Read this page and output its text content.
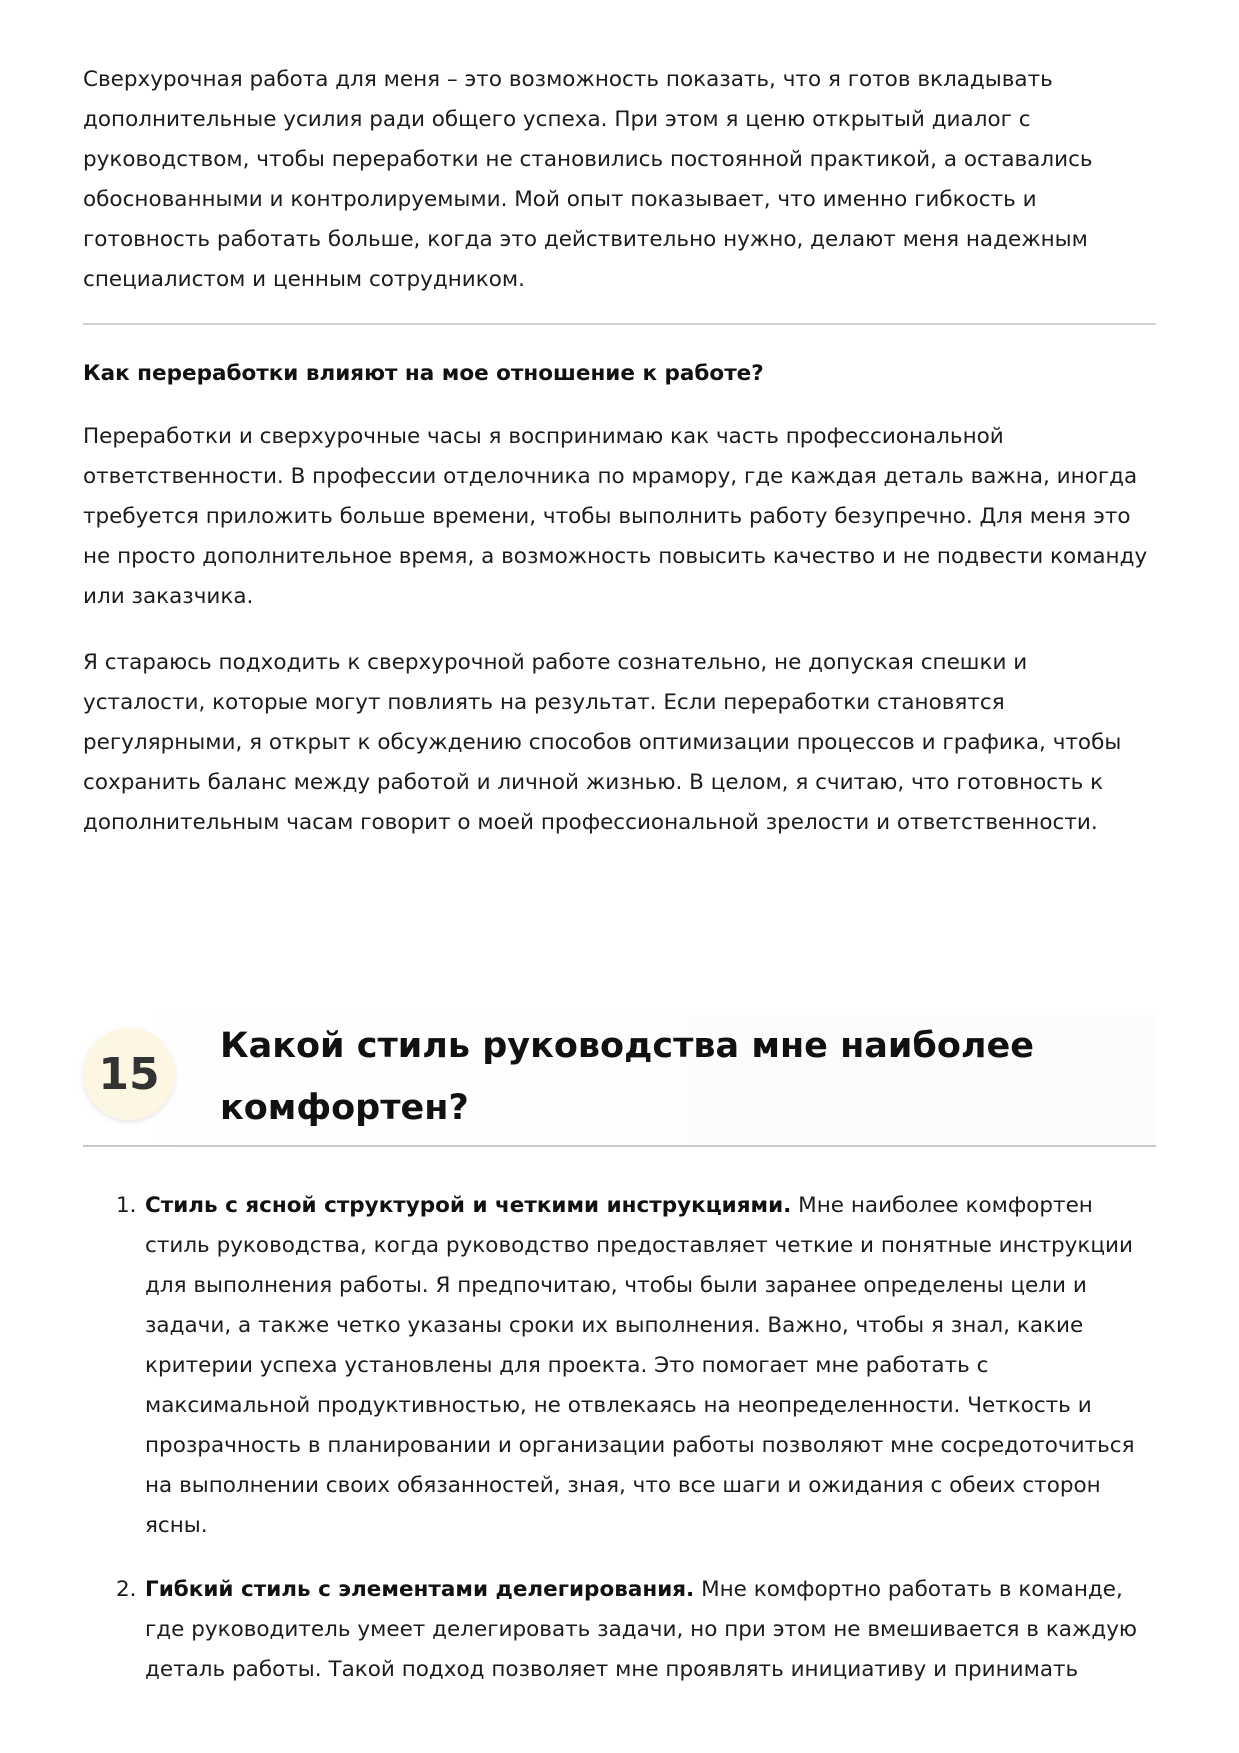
Сверхурочная работа для меня – это возможность показать, что я готов вкладывать дополнительные усилия ради общего успеха. При этом я ценю открытый диалог с руководством, чтобы переработки не становились постоянной практикой, а оставались обоснованными и контролируемыми. Мой опыт показывает, что именно гибкость и готовность работать больше, когда это действительно нужно, делают меня надежным специалистом и ценным сотрудником.

Как переработки влияют на мое отношение к работе?

Переработки и сверхурочные часы я воспринимаю как часть профессиональной ответственности. В профессии отделочника по мрамору, где каждая деталь важна, иногда требуется приложить больше времени, чтобы выполнить работу безупречно. Для меня это не просто дополнительное время, а возможность повысить качество и не подвести команду или заказчика.

Я стараюсь подходить к сверхурочной работе сознательно, не допуская спешки и усталости, которые могут повлиять на результат. Если переработки становятся регулярными, я открыт к обсуждению способов оптимизации процессов и графика, чтобы сохранить баланс между работой и личной жизнью. В целом, я считаю, что готовность к дополнительным часам говорит о моей профессиональной зрелости и ответственности.

15
Какой стиль руководства мне наиболее комфортен?
1. Стиль с ясной структурой и четкими инструкциями. Мне наиболее комфортен стиль руководства, когда руководство предоставляет четкие и понятные инструкции для выполнения работы. Я предпочитаю, чтобы были заранее определены цели и задачи, а также четко указаны сроки их выполнения. Важно, чтобы я знал, какие критерии успеха установлены для проекта. Это помогает мне работать с максимальной продуктивностью, не отвлекаясь на неопределенности. Четкость и прозрачность в планировании и организации работы позволяют мне сосредоточиться на выполнении своих обязанностей, зная, что все шаги и ожидания с обеих сторон ясны.
2. Гибкий стиль с элементами делегирования. Мне комфортно работать в команде, где руководитель умеет делегировать задачи, но при этом не вмешивается в каждую деталь работы. Такой подход позволяет мне проявлять инициативу и принимать
